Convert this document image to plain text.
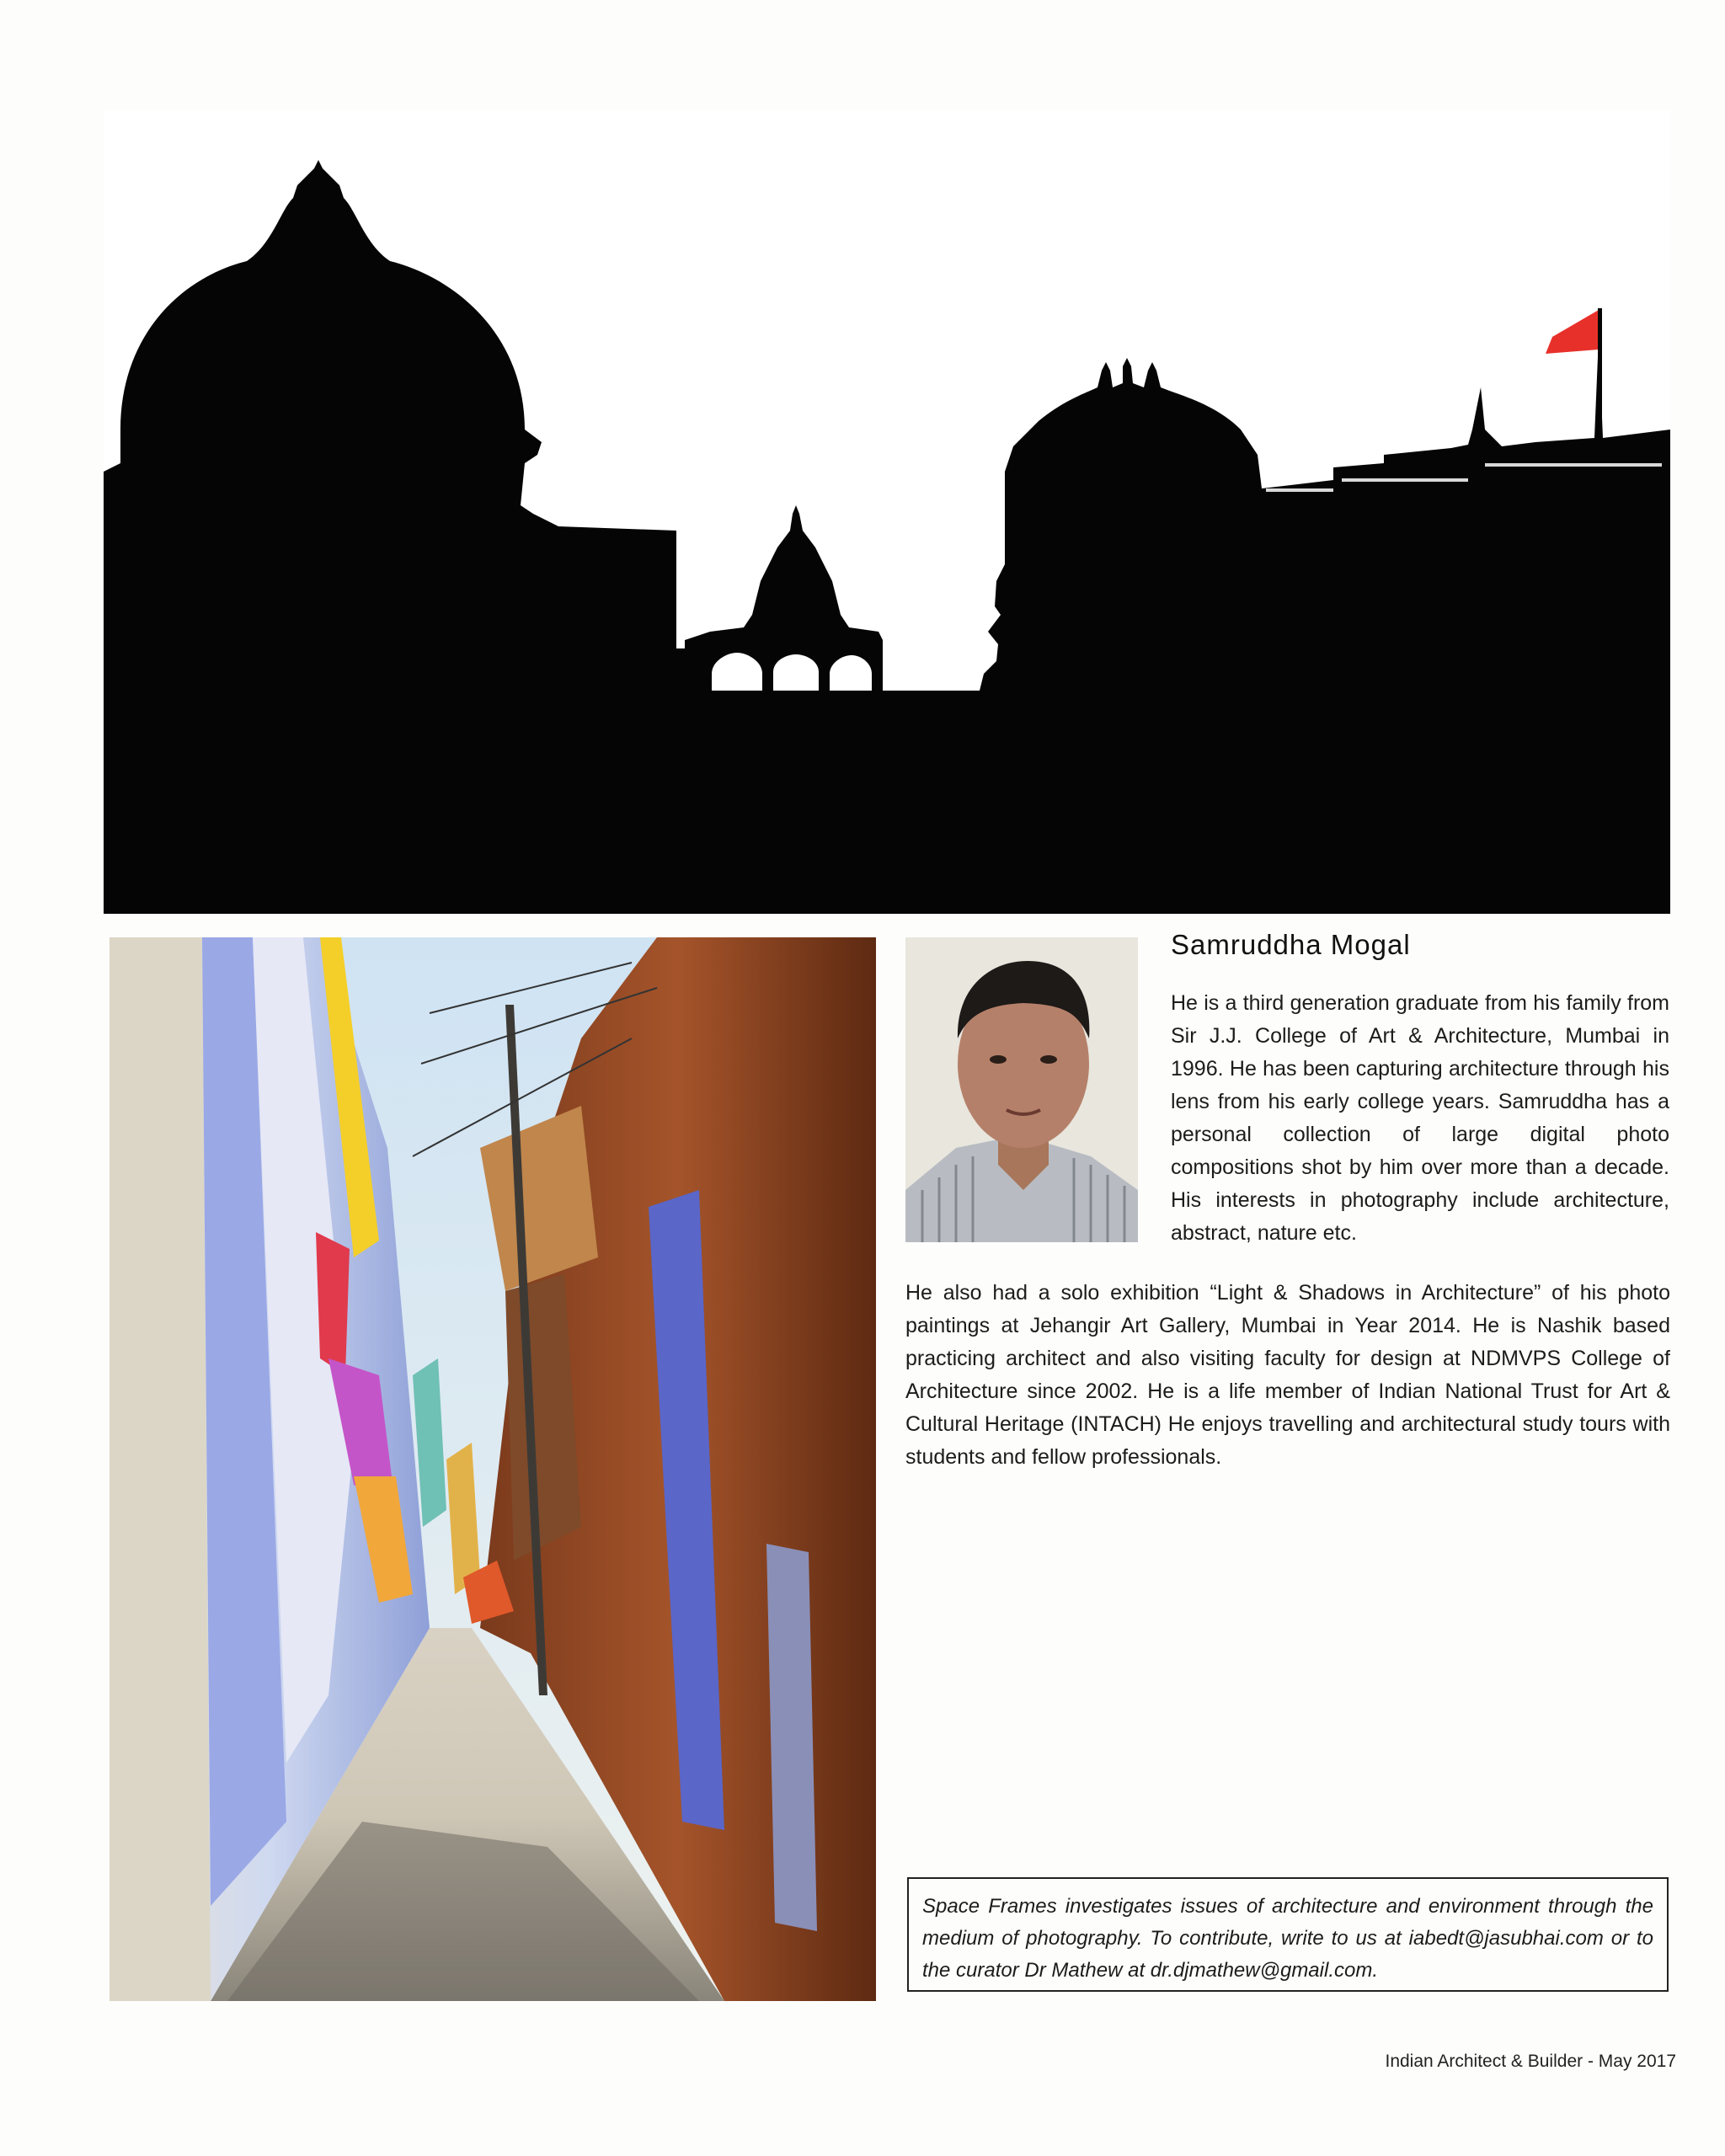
Samruddha Mogal

He is a third generation graduate from his family from Sir J.J. College of Art & Architecture, Mumbai in 1996. He has been capturing architecture through his lens from his early college years. Samruddha has a personal collection of large digital photo compositions shot by him over more than a decade. His interests in photography include architecture, abstract, nature etc.

He also had a solo exhibition “Light & Shadows in Architecture” of his photo paintings at Jehangir Art Gallery, Mumbai in Year 2014. He is Nashik based practicing architect and also visiting faculty for design at NDMVPS College of Architecture since 2002. He is a life member of Indian National Trust for Art & Cultural Heritage (INTACH) He enjoys travelling and architectural study tours with students and fellow professionals.

Space Frames investigates issues of architecture and environment through the medium of photography. To contribute, write to us at iabedt@jasubhai.com or to the curator Dr Mathew at dr.djmathew@gmail.com.

Indian Architect & Builder - May 2017
